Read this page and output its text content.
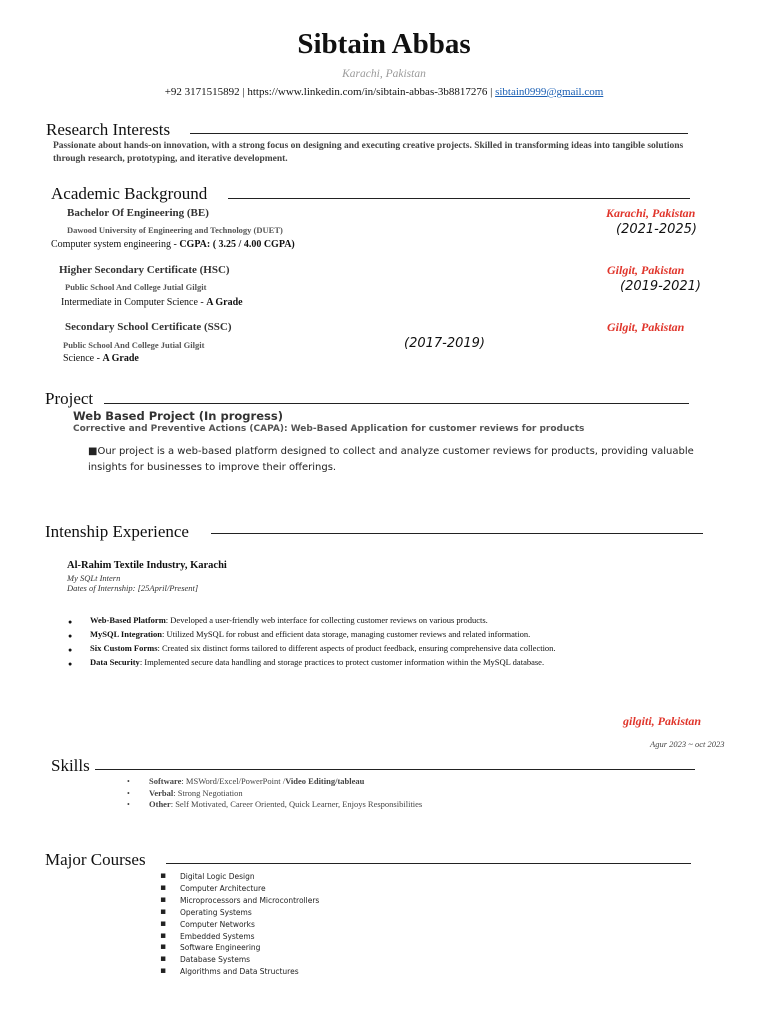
Sibtain Abbas
Karachi, Pakistan
+92 3171515892 | https://www.linkedin.com/in/sibtain-abbas-3b8817276 | sibtain0999@gmail.com
Research Interests
Passionate about hands-on innovation, with a strong focus on designing and executing creative projects. Skilled in transforming ideas into tangible solutions
through research, prototyping, and iterative development.
Academic Background
Bachelor Of Engineering (BE)	Karachi, Pakistan
Dawood University of Engineering and Technology (DUET)	(2021-2025)
Computer system engineering - CGPA: ( 3.25 / 4.00 CGPA)
Higher Secondary Certificate (HSC)	Gilgit, Pakistan
Public School And College Jutial Gilgit	(2019-2021)
Intermediate in Computer Science - A Grade
Secondary School Certificate (SSC)	Gilgit, Pakistan
Public School And College Jutial Gilgit	(2017-2019)
Science - A Grade
Project
Web Based Project (In progress)
Corrective and Preventive Actions (CAPA): Web-Based Application for customer reviews for products
■Our project is a web-based platform designed to collect and analyze customer reviews for products, providing valuable
insights for businesses to improve their offerings.
Intenship Experience
Al-Rahim Textile Industry, Karachi
My SQLt Intern
Dates of Internship: [25April/Present]
● Web-Based Platform: Developed a user-friendly web interface for collecting customer reviews on various products.
● MySQL Integration: Utilized MySQL for robust and efficient data storage, managing customer reviews and related information.
● Six Custom Forms: Created six distinct forms tailored to different aspects of product feedback, ensuring comprehensive data collection.
● Data Security: Implemented secure data handling and storage practices to protect customer information within the MySQL database.
gilgiti, Pakistan
Agur 2023 ~ oct 2023
Skills
• Software: MSWord/Excel/PowerPoint /Video Editing/tableau
• Verbal: Strong Negotiation
• Other: Self Motivated, Career Oriented, Quick Learner, Enjoys Responsibilities
Major Courses
▪ Digital Logic Design
▪ Computer Architecture
▪ Microprocessors and Microcontrollers
▪ Operating Systems
▪ Computer Networks
▪ Embedded Systems
▪ Software Engineering
▪ Database Systems
▪ Algorithms and Data Structures
